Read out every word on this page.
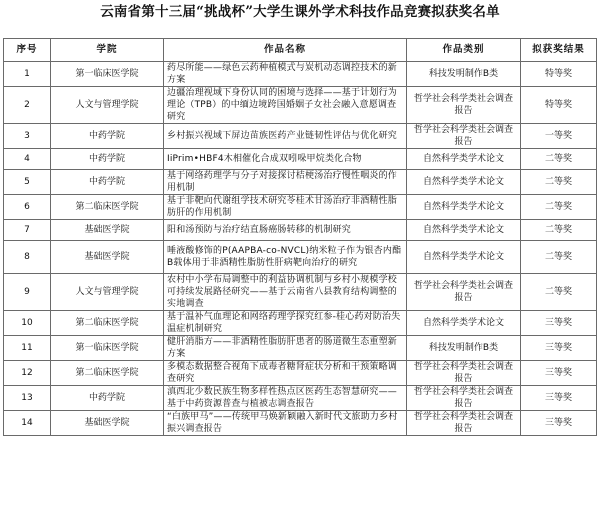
云南省第十三届“挑战杯”大学生课外学术科技作品竞赛拟获奖名单
序号	学院	作品名称	作品类别	拟获奖结果
1	第一临床医学院	药尽所能——绿色云药种植模式与炭机动态调控技术的新方案	科技发明制作B类	特等奖
2	人文与管理学院	边疆治理视域下身份认同的困境与选择——基于计划行为理论（TPB）的中缅边境跨国婚姻子女社会融入意愿调查研究	哲学社会科学类社会调查报告	特等奖
3	中药学院	乡村振兴视域下屏边苗族医药产业链韧性评估与优化研究	哲学社会科学类社会调查报告	一等奖
4	中药学院	IiPrim•HBF4木相催化合成双吲哚甲烷类化合物	自然科学类学术论文	二等奖
5	中药学院	基于网络药理学与分子对接探讨桔梗汤治疗慢性咽炎的作用机制	自然科学类学术论文	二等奖
6	第二临床医学院	基于非靶向代谢组学技术研究苓桂术甘汤治疗非酒精性脂肪肝的作用机制	自然科学类学术论文	二等奖
7	基础医学院	阳和汤预防与治疗结直肠癌肠转移的机制研究	自然科学类学术论文	二等奖
8	基础医学院	唾液酸修饰的P(AAPBA-co-NVCL)纳米粒子作为银杏内酯B载体用于非酒精性脂肪性肝病靶向治疗的研究	自然科学类学术论文	二等奖
9	人文与管理学院	农村中小学布局调整中的利益协调机制与乡村小规模学校可持续发展路径研究——基于云南省八县教育结构调整的实地调查	哲学社会科学类社会调查报告	二等奖
10	第二临床医学院	基于温补气血理论和网络药理学探究红参-桂心药对防治失温症机制研究	自然科学类学术论文	三等奖
11	第一临床医学院	健肝消脂方——非酒精性脂肪肝患者的肠道微生态重塑新方案	科技发明制作B类	三等奖
12	第二临床医学院	多模态数据整合视角下成毒者糖肾症状分析和干预策略调查研究	哲学社会科学类社会调查报告	三等奖
13	中药学院	滇西北少数民族生物多样性热点区医药生态智慧研究——基于中药资源普查与植被志调查报告	哲学社会科学类社会调查报告	三等奖
14	基础医学院	“白族甲马”——传统甲马焕新颖融入新时代文旅助力乡村振兴调查报告	哲学社会科学类社会调查报告	三等奖
